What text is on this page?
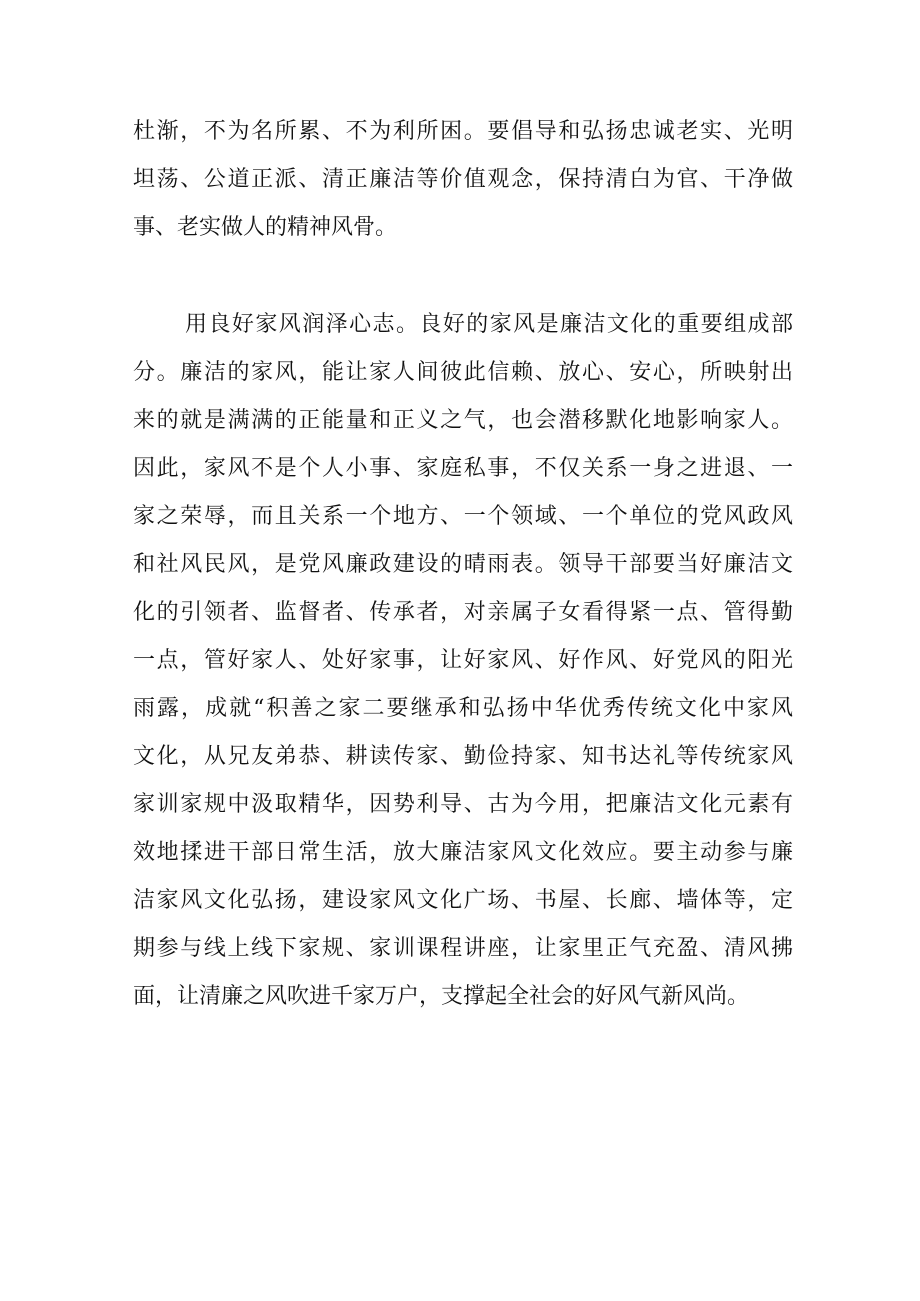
杜渐，不为名所累、不为利所困。要倡导和弘扬忠诚老实、光明
坦荡、公道正派、清正廉洁等价值观念，保持清白为官、干净做
事、老实做人的精神风骨。
用良好家风润泽心志。良好的家风是廉洁文化的重要组成部
分。廉洁的家风，能让家人间彼此信赖、放心、安心，所映射出
来的就是满满的正能量和正义之气，也会潜移默化地影响家人。
因此，家风不是个人小事、家庭私事，不仅关系一身之进退、一
家之荣辱，而且关系一个地方、一个领域、一个单位的党风政风
和社风民风，是党风廉政建设的晴雨表。领导干部要当好廉洁文
化的引领者、监督者、传承者，对亲属子女看得紧一点、管得勤
一点，管好家人、处好家事，让好家风、好作风、好党风的阳光
雨露，成就“积善之家二要继承和弘扬中华优秀传统文化中家风
文化，从兄友弟恭、耕读传家、勤俭持家、知书达礼等传统家风
家训家规中汲取精华，因势利导、古为今用，把廉洁文化元素有
效地揉进干部日常生活，放大廉洁家风文化效应。要主动参与廉
洁家风文化弘扬，建设家风文化广场、书屋、长廊、墙体等，定
期参与线上线下家规、家训课程讲座，让家里正气充盈、清风拂
面，让清廉之风吹进千家万户，支撑起全社会的好风气新风尚。
